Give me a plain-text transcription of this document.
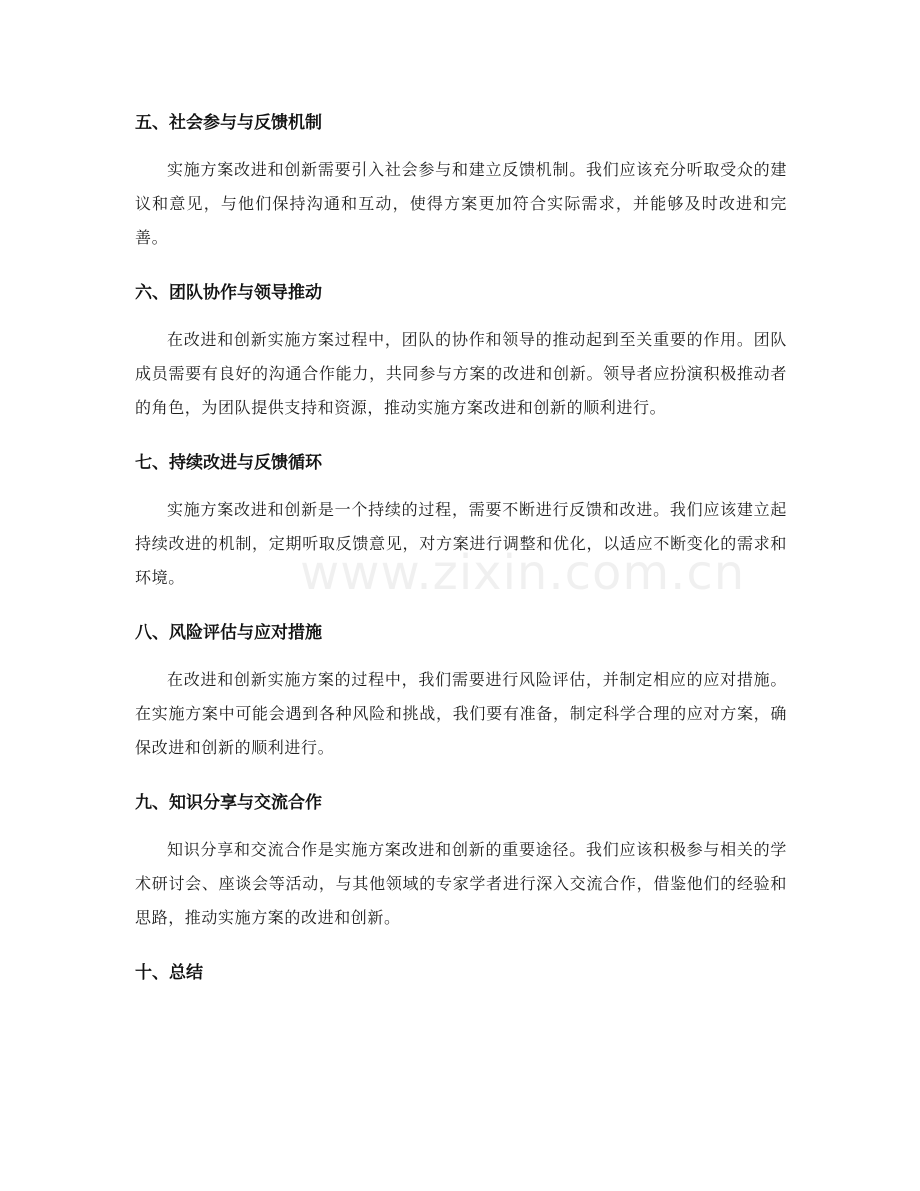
五、社会参与与反馈机制

实施方案改进和创新需要引入社会参与和建立反馈机制。我们应该充分听取受众的建议和意见，与他们保持沟通和互动，使得方案更加符合实际需求，并能够及时改进和完善。

六、团队协作与领导推动

在改进和创新实施方案过程中，团队的协作和领导的推动起到至关重要的作用。团队成员需要有良好的沟通合作能力，共同参与方案的改进和创新。领导者应扮演积极推动者的角色，为团队提供支持和资源，推动实施方案改进和创新的顺利进行。

七、持续改进与反馈循环

实施方案改进和创新是一个持续的过程，需要不断进行反馈和改进。我们应该建立起持续改进的机制，定期听取反馈意见，对方案进行调整和优化，以适应不断变化的需求和环境。

八、风险评估与应对措施

在改进和创新实施方案的过程中，我们需要进行风险评估，并制定相应的应对措施。在实施方案中可能会遇到各种风险和挑战，我们要有准备，制定科学合理的应对方案，确保改进和创新的顺利进行。

九、知识分享与交流合作

知识分享和交流合作是实施方案改进和创新的重要途径。我们应该积极参与相关的学术研讨会、座谈会等活动，与其他领域的专家学者进行深入交流合作，借鉴他们的经验和思路，推动实施方案的改进和创新。

十、总结
www.zixin.com.cn
